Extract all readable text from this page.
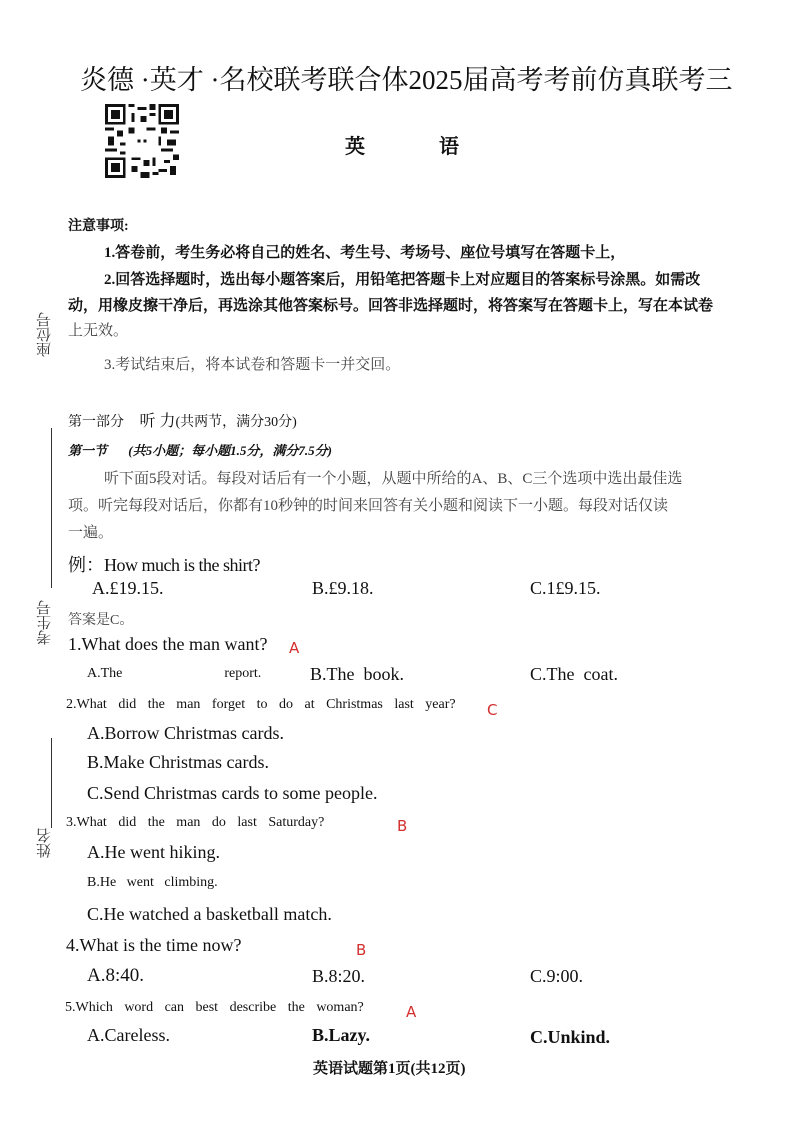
炎德 ·英才 ·名校联考联合体2025届高考考前仿真联考三
英	语
座位号
考生号
姓名
注意事项:
1.答卷前，考生务必将自己的姓名、考生号、考场号、座位号填写在答题卡上，
2.回答选择题时，选出每小题答案后，用铅笔把答题卡上对应题目的答案标号涂黑。如需改
动，用橡皮擦干净后，再选涂其他答案标号。回答非选择题时，将答案写在答题卡上，写在本试卷
上无效。
3.考试结束后，将本试卷和答题卡一并交回。
第一部分 听 力(共两节，满分30分)
第一节 (共5小题；每小题1.5分，满分7.5分)
听下面5段对话。每段对话后有一个小题，从题中所给的A、B、C三个选项中选出最佳选
项。听完每段对话后，你都有10秒钟的时间来回答有关小题和阅读下一小题。每段对话仅读
一遍。
例：How much is the shirt?
A.£19.15.	B.£9.18.	C.1£9.15.
答案是C。
1.What does the man want? A
A.The    report.	B.The  book.	C.The  coat.
2.What did the man forget to do at Christmas last year? C
A.Borrow Christmas cards.
B.Make Christmas cards.
C.Send Christmas cards to some people.
3.What did the man do last Saturday?	B
A.He went hiking.
B.He   went   climbing.
C.He watched a basketball match.
4.What is the time now?	B
A.8:40.	B.8:20.	C.9:00.
5.Which word can best describe the woman?	A
A.Careless.	B.Lazy.	C.Unkind.
英语试题第1页(共12页)
